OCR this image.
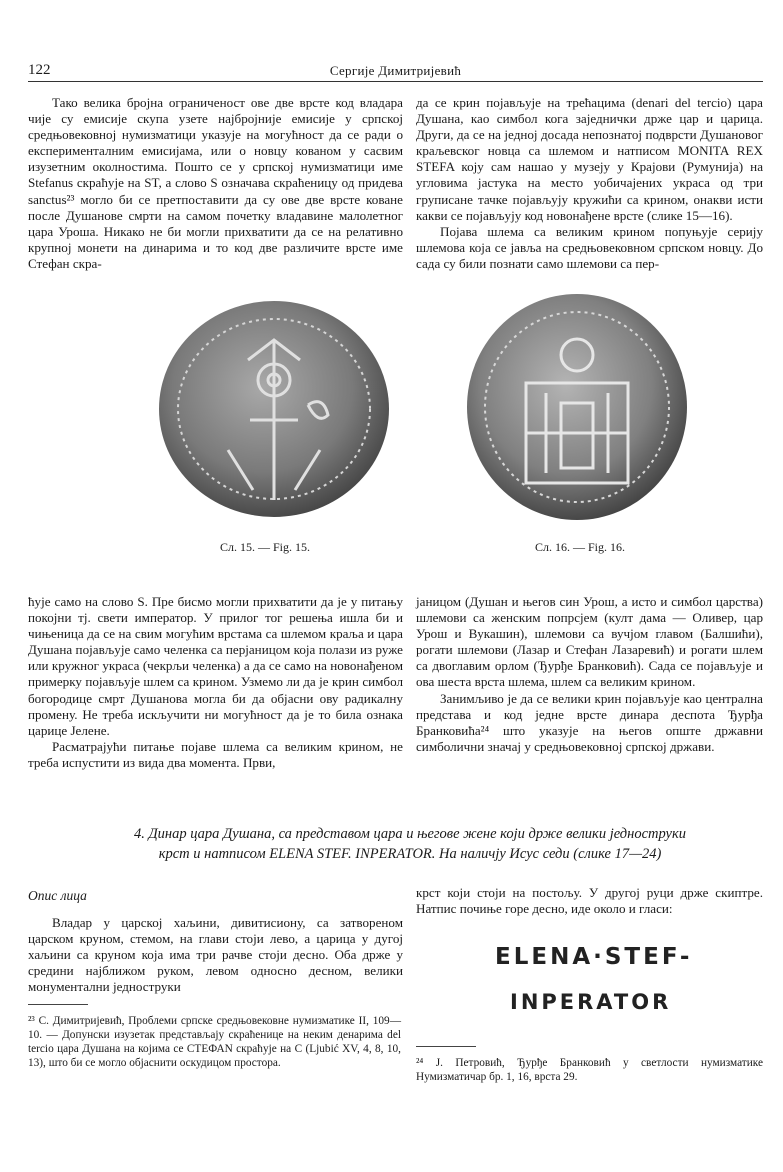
122	Сергије Димитријевић

Тако велика бројна ограниченост ове две врсте код владара чије су емисије скупа узете најбројније емисије у српској средњовековној нумизматици указује на могућност да се ради о експерименталним емисијама, или о новцу кованом у сасвим изузетним околностима. Пошто се у српској нумизматици име Stefanus скраћује на ST, а слово S означава скраћеницу од придева sanctus²³ могло би се претпоставити да су ове две врсте коване после Душанове смрти на самом почетку владавине малолетног цара Уроша. Никако не би могли прихватити да се на релативно крупној монети на динарима и то код две различите врсте име Стефан скра-

да се крин појављује на трећацима (denari del tercio) цара Душана, као симбол кога заједнички држе цар и царица. Други, да се на једној досада непознатој подврсти Душановог краљевског новца са шлемом и натписом MONITA REX STEFA коју сам нашао у музеју у Крајови (Румунија) на угловима јастука на место уобичајених украса од три груписане тачке појављују кружићи са крином, онакви исти какви се појављују код новонађене врсте (слике 15—16).

Појава шлема са великим крином попуњује серију шлемова која се јавља на средњовековном српском новцу. До сада су били познати само шлемови са пер-

Сл. 15. — Fig. 15.	Сл. 16. — Fig. 16.

ћује само на слово S. Пре бисмо могли прихватити да је у питању покојни тј. свети император. У прилог тог решења ишла би и чињеница да се на свим могућим врстама са шлемом краља и цара Душана појављује само челенка са перјаницом која полази из руже или кружног украса (чекрљи челенка) а да се само на новонађеном примерку појављује шлем са крином. Узмемо ли да је крин симбол богородице смрт Душанова могла би да објасни ову радикалну промену. Не треба искључити ни могућност да је то била ознака царице Јелене.

Расматрајући питање појаве шлема са великим крином, не треба испустити из вида два момента. Први,

јаницом (Душан и његов син Урош, а исто и симбол царства) шлемови са женским попрсјем (култ дама — Оливер, цар Урош и Вукашин), шлемови са вучјом главом (Балшићи), рогати шлемови (Лазар и Стефан Лазаревић) и рогати шлем са двоглавим орлом (Ђурђе Бранковић). Сада се појављује и ова шеста врста шлема, шлем са великим крином.

Занимљиво је да се велики крин појављује као централна представа и код једне врсте динара деспота Ђурђа Бранковића²⁴ што указује на његов опште државни симболични значај у средњовековној српској држави.

4. Динар цара Душана, са представом цара и његове жене који држе велики једноструки
крст и натписом ELENA STEF. INPERATOR. На наличју Исус седи (слике 17—24)
Опис лица

Владар у царској хаљини, дивитисиону, са затвореном царском круном, стемом, на глави стоји лево, а царица у дугој хаљини са круном која има три рачве стоји десно. Оба држе у средини најближом руком, левом односно десном, велики монументални једноструки

крст који стоји на постољу. У другој руци држе скиптре. Натпис почиње горе десно, иде около и гласи:

ELENA·STEF-
INPERATOR
²³ С. Димитријевић, Проблеми српске средњовековне нумизматике II, 109—10. — Допунски изузетак представљају скраћенице на неким денарима del tercio цара Душана на којима се СТЕФАN скраћује на С (Ljubić XV, 4, 8, 10, 13), што би се могло објаснити оскудицом простора.	²⁴ Ј. Петровић, Ђурђе Бранковић у светлости нумизматике Нумизматичар бр. 1, 16, врста 29.
